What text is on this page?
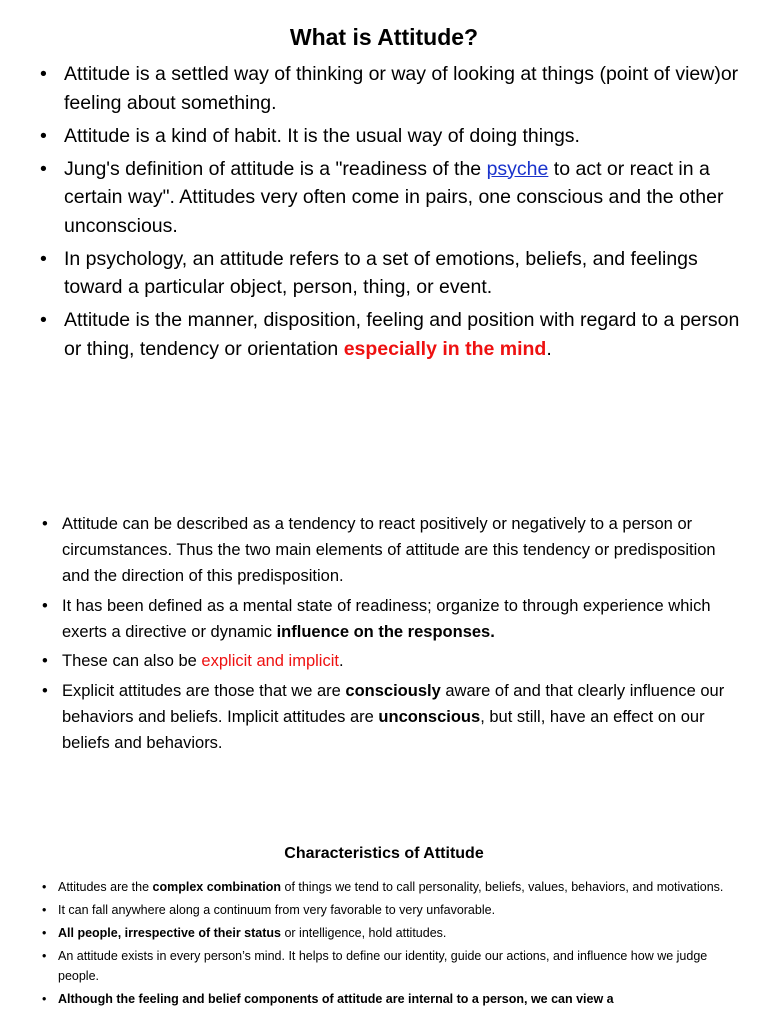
What is Attitude?
• Attitude is a settled way of thinking or way of looking at things (point of view)or feeling about something.
• Attitude is a kind of habit. It is the usual way of doing things.
• Jung's definition of attitude is a "readiness of the psyche to act or react in a certain way". Attitudes very often come in pairs, one conscious and the other unconscious.
• In psychology, an attitude refers to a set of emotions, beliefs, and feelings toward a particular object, person, thing, or event.
• Attitude is the manner, disposition, feeling and position with regard to a person or thing, tendency or orientation especially in the mind.
• Attitude can be described as a tendency to react positively or negatively to a person or circumstances. Thus the two main elements of attitude are this tendency or predisposition and the direction of this predisposition.
• It has been defined as a mental state of readiness; organize to through experience which exerts a directive or dynamic influence on the responses.
• These can also be explicit and implicit.
• Explicit attitudes are those that we are consciously aware of and that clearly influence our behaviors and beliefs. Implicit attitudes are unconscious, but still, have an effect on our beliefs and behaviors.
Characteristics of Attitude
• Attitudes are the complex combination of things we tend to call personality, beliefs, values, behaviors, and motivations.
• It can fall anywhere along a continuum from very favorable to very unfavorable.
• All people, irrespective of their status or intelligence, hold attitudes.
• An attitude exists in every person’s mind. It helps to define our identity, guide our actions, and influence how we judge people.
• Although the feeling and belief components of attitude are internal to a person, we can view a
